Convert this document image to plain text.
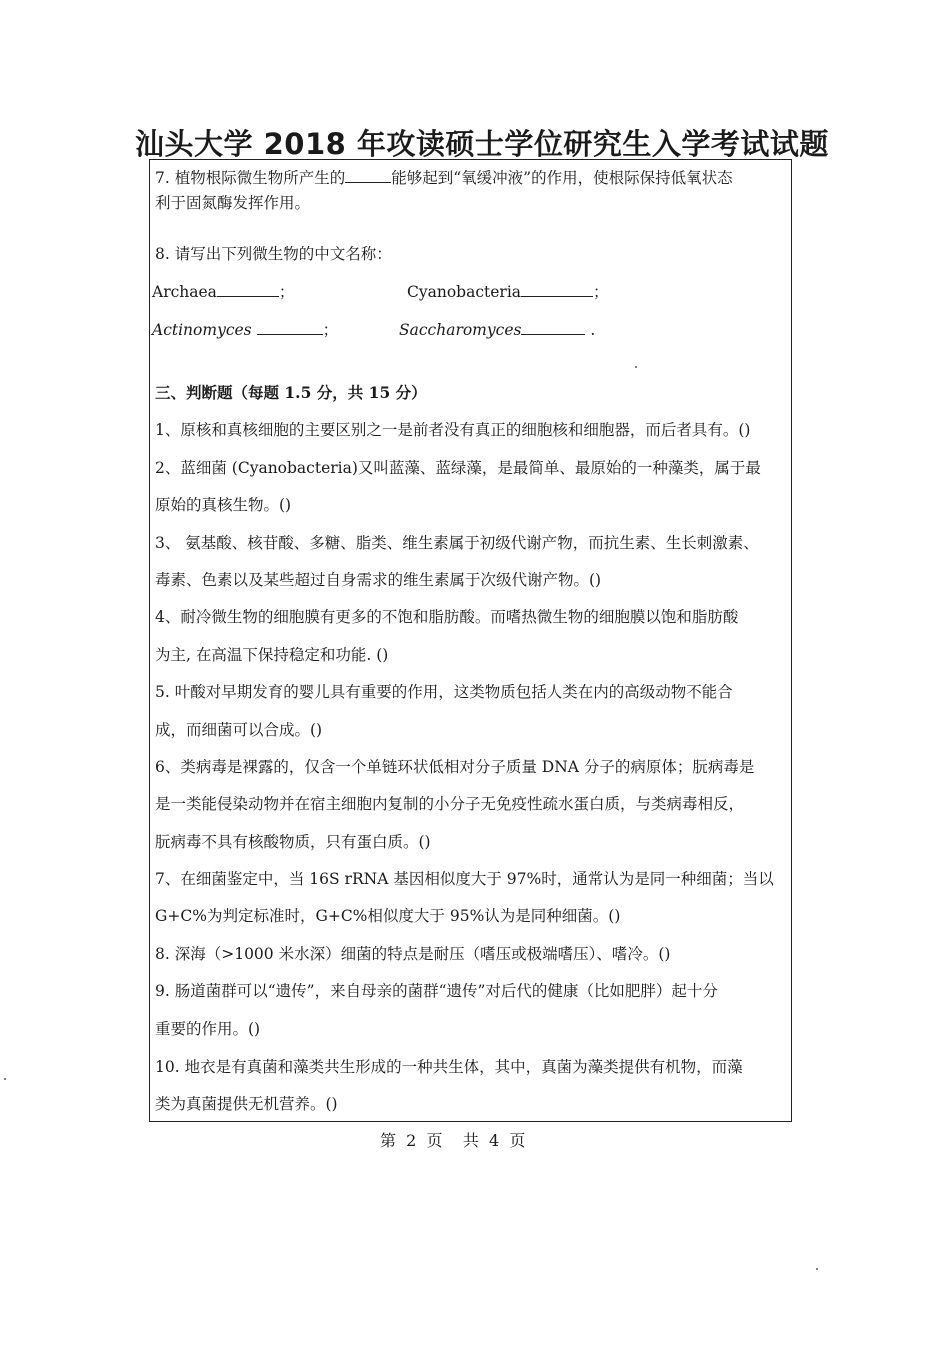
汕头大学 2018 年攻读硕士学位研究生入学考试试题
7. 植物根际微生物所产生的	能够起到“氧缓冲液”的作用，使根际保持低氧状态
利于固氮酶发挥作用。
8. 请写出下列微生物的中文名称：
Archaea	；	Cyanobacteria	；
Actinomyces	；	Saccharomyces	.
三、判断题（每题 1.5 分，共 15 分）
1、原核和真核细胞的主要区别之一是前者没有真正的细胞核和细胞器，而后者具有。()
2、蓝细菌 (Cyanobacteria)又叫蓝藻、蓝绿藻，是最简单、最原始的一种藻类，属于最
原始的真核生物。()
3、 氨基酸、核苷酸、多糖、脂类、维生素属于初级代谢产物，而抗生素、生长刺激素、
毒素、色素以及某些超过自身需求的维生素属于次级代谢产物。()
4、耐冷微生物的细胞膜有更多的不饱和脂肪酸。而嗜热微生物的细胞膜以饱和脂肪酸
为主, 在高温下保持稳定和功能. ()
5. 叶酸对早期发育的婴儿具有重要的作用，这类物质包括人类在内的高级动物不能合
成，而细菌可以合成。()
6、类病毒是裸露的，仅含一个单链环状低相对分子质量 DNA 分子的病原体；朊病毒是
是一类能侵染动物并在宿主细胞内复制的小分子无免疫性疏水蛋白质，与类病毒相反，
朊病毒不具有核酸物质，只有蛋白质。()
7、在细菌鉴定中，当 16S rRNA 基因相似度大于 97%时，通常认为是同一种细菌；当以
G+C%为判定标准时，G+C%相似度大于 95%认为是同种细菌。()
8. 深海（>1000 米水深）细菌的特点是耐压（嗜压或极端嗜压）、嗜冷。()
9. 肠道菌群可以“遗传”，来自母亲的菌群“遗传”对后代的健康（比如肥胖）起十分
重要的作用。()
10. 地衣是有真菌和藻类共生形成的一种共生体，其中，真菌为藻类提供有机物，而藻
类为真菌提供无机营养。()
第  2  页    共  4  页
